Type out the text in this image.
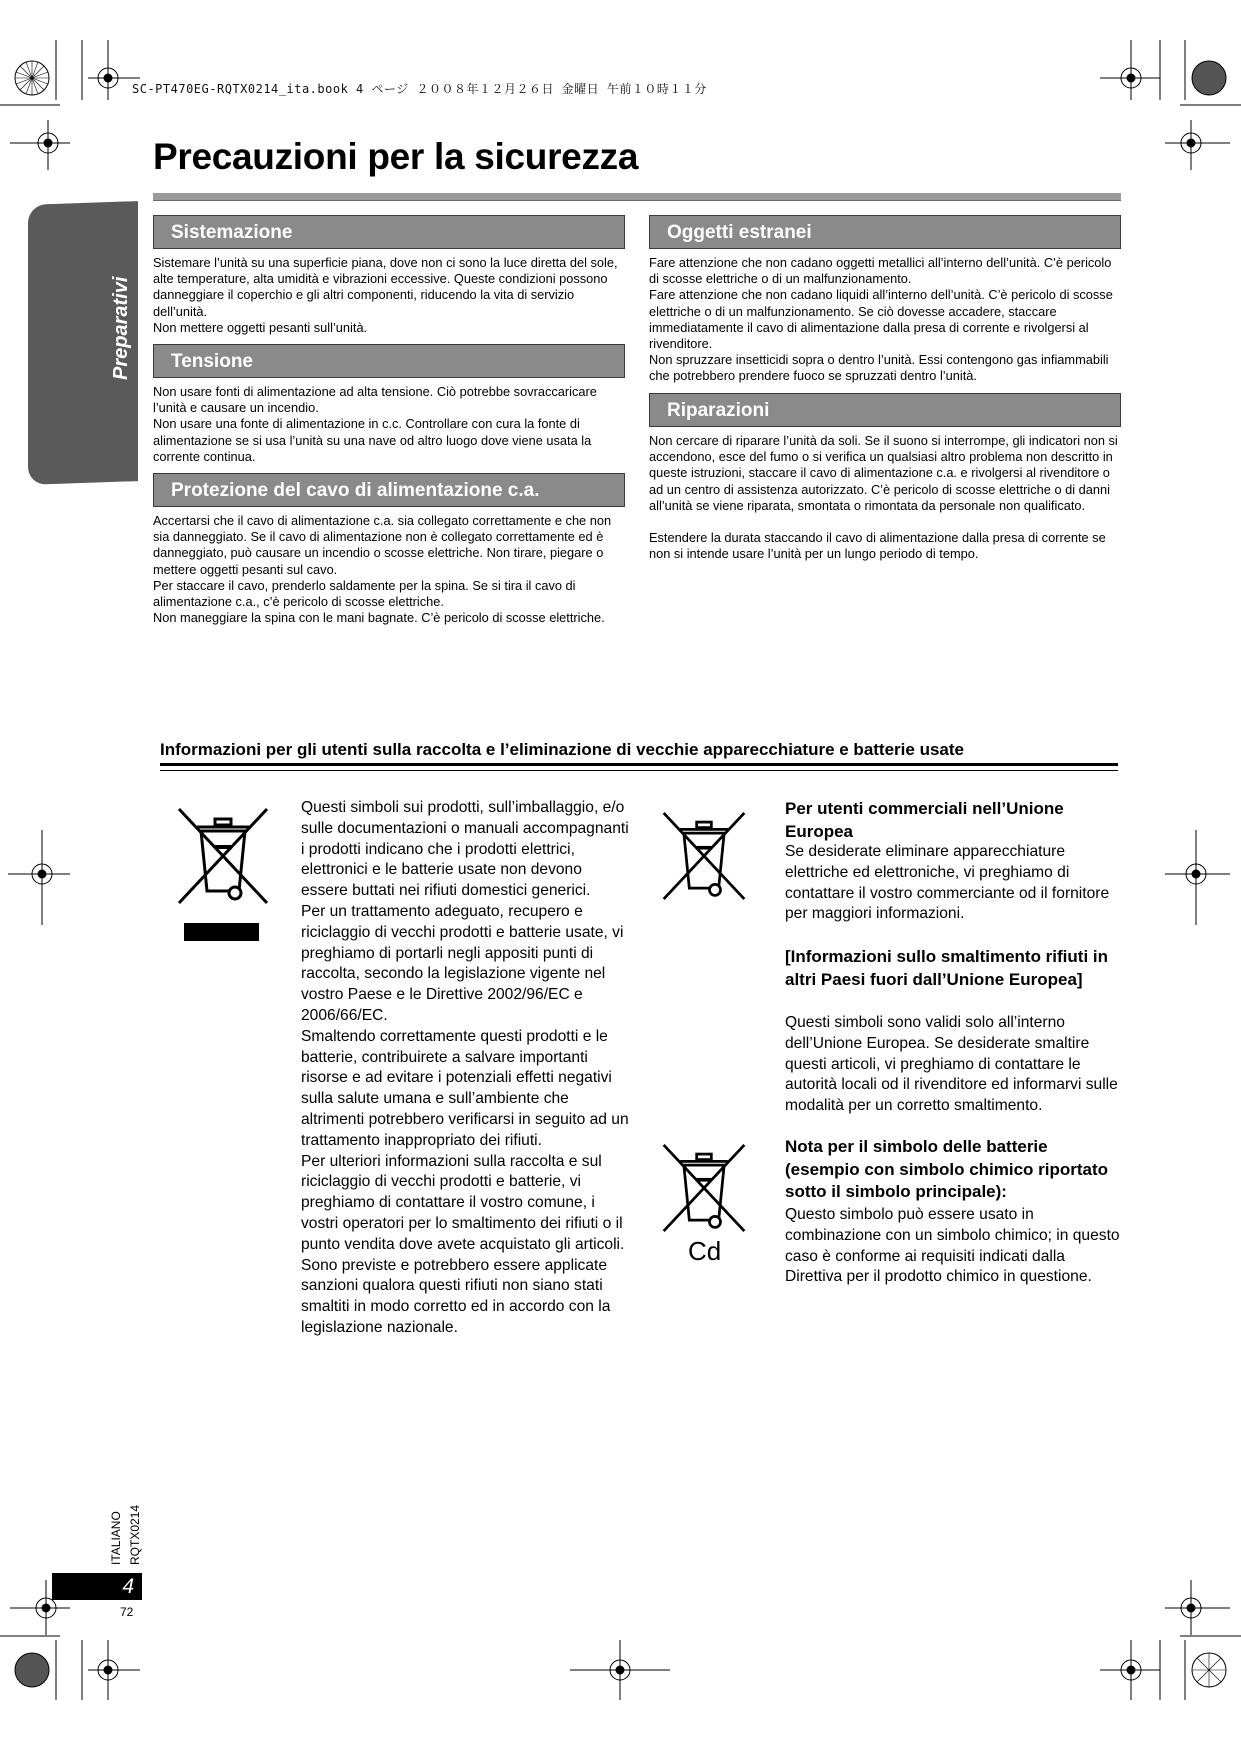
SC-PT470EG-RQTX0214_ita.book 4 ページ ２００８年１２月２６日 金曜日 午前１０時１１分
Precauzioni per la sicurezza
Preparativi
Sistemazione
Sistemare l’unità su una superficie piana, dove non ci sono la luce diretta del sole, alte temperature, alta umidità e vibrazioni eccessive. Queste condizioni possono danneggiare il coperchio e gli altri componenti, riducendo la vita di servizio dell’unità.
Non mettere oggetti pesanti sull’unità.
Tensione
Non usare fonti di alimentazione ad alta tensione. Ciò potrebbe sovraccaricare l’unità e causare un incendio.
Non usare una fonte di alimentazione in c.c. Controllare con cura la fonte di alimentazione se si usa l’unità su una nave od altro luogo dove viene usata la corrente continua.
Protezione del cavo di alimentazione c.a.
Accertarsi che il cavo di alimentazione c.a. sia collegato correttamente e che non sia danneggiato. Se il cavo di alimentazione non è collegato correttamente ed è danneggiato, può causare un incendio o scosse elettriche. Non tirare, piegare o mettere oggetti pesanti sul cavo.
Per staccare il cavo, prenderlo saldamente per la spina. Se si tira il cavo di alimentazione c.a., c’è pericolo di scosse elettriche.
Non maneggiare la spina con le mani bagnate. C’è pericolo di scosse elettriche.
Oggetti estranei
Fare attenzione che non cadano oggetti metallici all’interno dell’unità. C’è pericolo di scosse elettriche o di un malfunzionamento.
Fare attenzione che non cadano liquidi all’interno dell’unità. C’è pericolo di scosse elettriche o di un malfunzionamento. Se ciò dovesse accadere, staccare immediatamente il cavo di alimentazione dalla presa di corrente e rivolgersi al rivenditore.
Non spruzzare insetticidi sopra o dentro l’unità. Essi contengono gas infiammabili che potrebbero prendere fuoco se spruzzati dentro l’unità.
Riparazioni
Non cercare di riparare l’unità da soli. Se il suono si interrompe, gli indicatori non si accendono, esce del fumo o si verifica un qualsiasi altro problema non descritto in queste istruzioni, staccare il cavo di alimentazione c.a. e rivolgersi al rivenditore o ad un centro di assistenza autorizzato. C’è pericolo di scosse elettriche o di danni all’unità se viene riparata, smontata o rimontata da personale non qualificato.

Estendere la durata staccando il cavo di alimentazione dalla presa di corrente se non si intende usare l’unità per un lungo periodo di tempo.
Informazioni per gli utenti sulla raccolta e l’eliminazione di vecchie apparecchiature e batterie usate
Cd
Questi simboli sui prodotti, sull’imballaggio, e/o sulle documentazioni o manuali accompagnanti i prodotti indicano che i prodotti elettrici, elettronici e le batterie usate non devono essere buttati nei rifiuti domestici generici.
Per un trattamento adeguato, recupero e riciclaggio di vecchi prodotti e batterie usate, vi preghiamo di portarli negli appositi punti di raccolta, secondo la legislazione vigente nel vostro Paese e le Direttive 2002/96/EC e 2006/66/EC.
Smaltendo correttamente questi prodotti e le batterie, contribuirete a salvare importanti risorse e ad evitare i potenziali effetti negativi sulla salute umana e sull’ambiente che altrimenti potrebbero verificarsi in seguito ad un trattamento inappropriato dei rifiuti.
Per ulteriori informazioni sulla raccolta e sul riciclaggio di vecchi prodotti e batterie, vi preghiamo di contattare il vostro comune, i vostri operatori per lo smaltimento dei rifiuti o il punto vendita dove avete acquistato gli articoli.
Sono previste e potrebbero essere applicate sanzioni qualora questi rifiuti non siano stati smaltiti in modo corretto ed in accordo con la legislazione nazionale.
Per utenti commerciali nell’Unione Europea
Se desiderate eliminare apparecchiature elettriche ed elettroniche, vi preghiamo di contattare il vostro commerciante od il fornitore per maggiori informazioni.
[Informazioni sullo smaltimento rifiuti in altri Paesi fuori dall’Unione Europea]
Questi simboli sono validi solo all’interno dell’Unione Europea. Se desiderate smaltire questi articoli, vi preghiamo di contattare le autorità locali od il rivenditore ed informarvi sulle modalità per un corretto smaltimento.
Nota per il simbolo delle batterie (esempio con simbolo chimico riportato sotto il simbolo principale):
Questo simbolo può essere usato in combinazione con un simbolo chimico; in questo caso è conforme ai requisiti indicati dalla Direttiva per il prodotto chimico in questione.
ITALIANO RQTX0214
4
72
